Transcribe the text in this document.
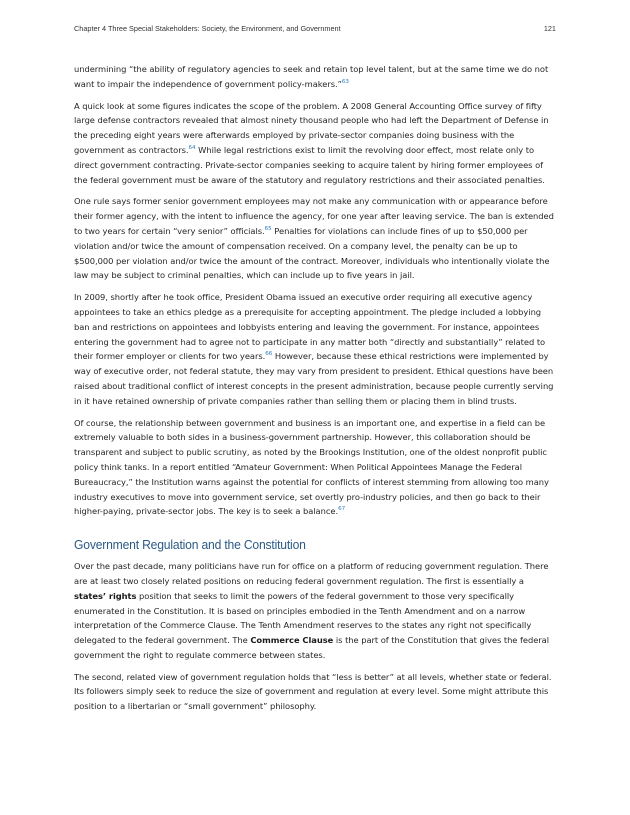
Chapter 4 Three Special Stakeholders: Society, the Environment, and Government	121

undermining “the ability of regulatory agencies to seek and retain top level talent, but at the same time we do not want to impair the independence of government policy-makers.”$^{63}$

A quick look at some figures indicates the scope of the problem. A 2008 General Accounting Office survey of fifty large defense contractors revealed that almost ninety thousand people who had left the Department of Defense in the preceding eight years were afterwards employed by private-sector companies doing business with the government as contractors.$^{64}$ While legal restrictions exist to limit the revolving door effect, most relate only to direct government contracting. Private-sector companies seeking to acquire talent by hiring former employees of the federal government must be aware of the statutory and regulatory restrictions and their associated penalties.

One rule says former senior government employees may not make any communication with or appearance before their former agency, with the intent to influence the agency, for one year after leaving service. The ban is extended to two years for certain “very senior” officials.$^{65}$ Penalties for violations can include fines of up to $50,000 per violation and/or twice the amount of compensation received. On a company level, the penalty can be up to $500,000 per violation and/or twice the amount of the contract. Moreover, individuals who intentionally violate the law may be subject to criminal penalties, which can include up to five years in jail.

In 2009, shortly after he took office, President Obama issued an executive order requiring all executive agency appointees to take an ethics pledge as a prerequisite for accepting appointment. The pledge included a lobbying ban and restrictions on appointees and lobbyists entering and leaving the government. For instance, appointees entering the government had to agree not to participate in any matter both “directly and substantially” related to their former employer or clients for two years.$^{66}$ However, because these ethical restrictions were implemented by way of executive order, not federal statute, they may vary from president to president. Ethical questions have been raised about traditional conflict of interest concepts in the present administration, because people currently serving in it have retained ownership of private companies rather than selling them or placing them in blind trusts.

Of course, the relationship between government and business is an important one, and expertise in a field can be extremely valuable to both sides in a business-government partnership. However, this collaboration should be transparent and subject to public scrutiny, as noted by the Brookings Institution, one of the oldest nonprofit public policy think tanks. In a report entitled “Amateur Government: When Political Appointees Manage the Federal Bureaucracy,” the Institution warns against the potential for conflicts of interest stemming from allowing too many industry executives to move into government service, set overtly pro-industry policies, and then go back to their higher-paying, private-sector jobs. The key is to seek a balance.$^{67}$

Government Regulation and the Constitution

Over the past decade, many politicians have run for office on a platform of reducing government regulation. There are at least two closely related positions on reducing federal government regulation. The first is essentially a states’ rights position that seeks to limit the powers of the federal government to those very specifically enumerated in the Constitution. It is based on principles embodied in the Tenth Amendment and on a narrow interpretation of the Commerce Clause. The Tenth Amendment reserves to the states any right not specifically delegated to the federal government. The Commerce Clause is the part of the Constitution that gives the federal government the right to regulate commerce between states.

The second, related view of government regulation holds that “less is better” at all levels, whether state or federal. Its followers simply seek to reduce the size of government and regulation at every level. Some might attribute this position to a libertarian or “small government” philosophy.
